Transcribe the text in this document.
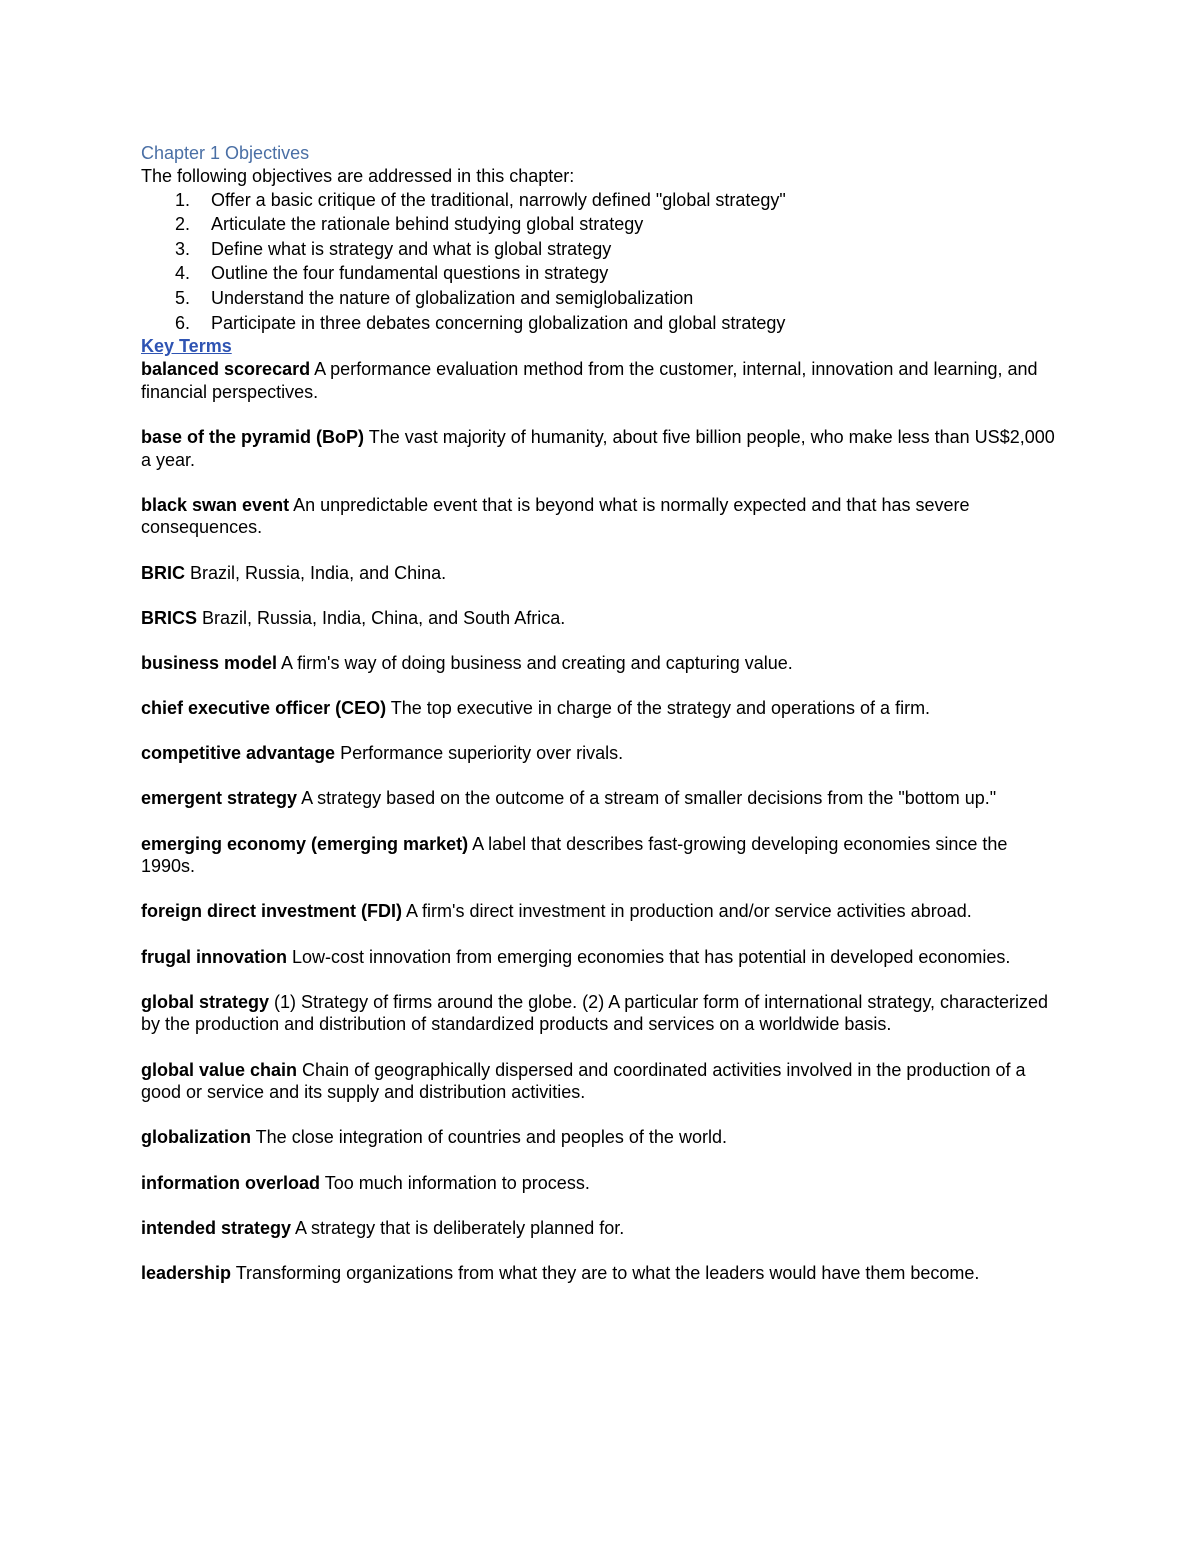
Chapter 1 Objectives

The following objectives are addressed in this chapter:

1. Offer a basic critique of the traditional, narrowly defined "global strategy"
2. Articulate the rationale behind studying global strategy
3. Define what is strategy and what is global strategy
4. Outline the four fundamental questions in strategy
5. Understand the nature of globalization and semiglobalization
6. Participate in three debates concerning globalization and global strategy
Key Terms

balanced scorecard A performance evaluation method from the customer, internal, innovation and learning, and financial perspectives.

base of the pyramid (BoP) The vast majority of humanity, about five billion people, who make less than US$2,000 a year.

black swan event An unpredictable event that is beyond what is normally expected and that has severe consequences.

BRIC Brazil, Russia, India, and China.

BRICS Brazil, Russia, India, China, and South Africa.

business model A firm's way of doing business and creating and capturing value.

chief executive officer (CEO) The top executive in charge of the strategy and operations of a firm.

competitive advantage Performance superiority over rivals.

emergent strategy A strategy based on the outcome of a stream of smaller decisions from the "bottom up."

emerging economy (emerging market) A label that describes fast-growing developing economies since the 1990s.

foreign direct investment (FDI) A firm's direct investment in production and/or service activities abroad.

frugal innovation Low-cost innovation from emerging economies that has potential in developed economies.

global strategy (1) Strategy of firms around the globe. (2) A particular form of international strategy, characterized by the production and distribution of standardized products and services on a worldwide basis.

global value chain Chain of geographically dispersed and coordinated activities involved in the production of a good or service and its supply and distribution activities.

globalization The close integration of countries and peoples of the world.

information overload Too much information to process.

intended strategy A strategy that is deliberately planned for.

leadership Transforming organizations from what they are to what the leaders would have them become.
